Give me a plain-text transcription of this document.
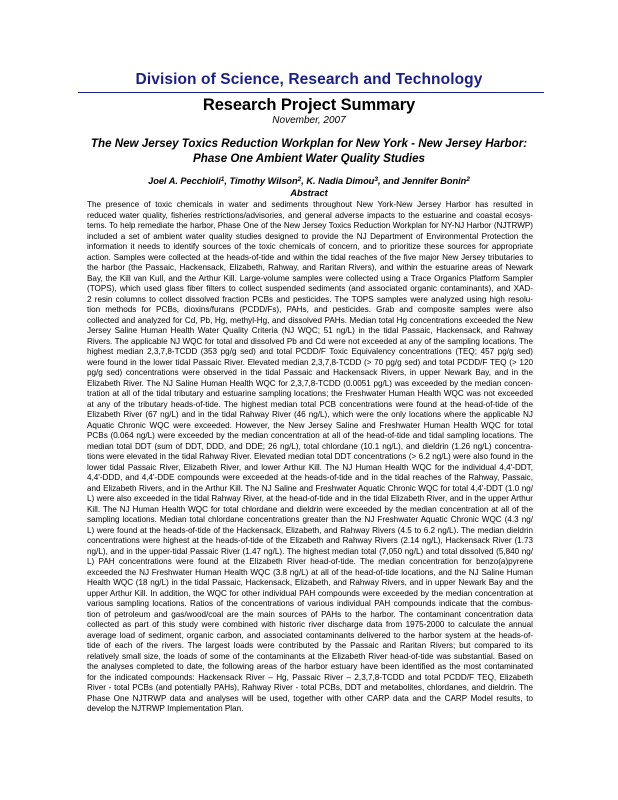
Division of Science, Research and Technology
Research Project Summary
November, 2007
The New Jersey Toxics Reduction Workplan for New York - New Jersey Harbor:
Phase One Ambient Water Quality Studies
Joel A. Pecchioli$^1$, Timothy Wilson$^2$, K. Nadia Dimou$^3$, and Jennifer Bonin$^2$
Abstract
The presence of toxic chemicals in water and sediments throughout New York-New Jersey Harbor has resulted in
reduced water quality, fisheries restrictions/advisories, and general adverse impacts to the estuarine and coastal ecosys-
tems. To help remediate the harbor, Phase One of the New Jersey Toxics Reduction Workplan for NY-NJ Harbor (NJTRWP)
included a set of ambient water quality studies designed to provide the NJ Department of Environmental Protection the
information it needs to identify sources of the toxic chemicals of concern, and to prioritize these sources for appropriate
action. Samples were collected at the heads-of-tide and within the tidal reaches of the five major New Jersey tributaries to
the harbor (the Passaic, Hackensack, Elizabeth, Rahway, and Raritan Rivers), and within the estuarine areas of Newark
Bay, the Kill van Kull, and the Arthur Kill. Large-volume samples were collected using a Trace Organics Platform Sampler
(TOPS), which used glass fiber filters to collect suspended sediments (and associated organic contaminants), and XAD-
2 resin columns to collect dissolved fraction PCBs and pesticides. The TOPS samples were analyzed using high resolu-
tion methods for PCBs, dioxins/furans (PCDD/Fs), PAHs, and pesticides. Grab and composite samples were also
collected and analyzed for Cd, Pb, Hg, methyl-Hg, and dissolved PAHs. Median total Hg concentrations exceeded the New
Jersey Saline Human Health Water Quality Criteria (NJ WQC; 51 ng/L) in the tidal Passaic, Hackensack, and Rahway
Rivers. The applicable NJ WQC for total and dissolved Pb and Cd were not exceeded at any of the sampling locations. The
highest median 2,3,7,8-TCDD (353 pg/g sed) and total PCDD/F Toxic Equivalency concentrations (TEQ; 457 pg/g sed)
were found in the lower tidal Passaic River. Elevated median 2,3,7,8-TCDD (> 70 pg/g sed) and total PCDD/F TEQ (> 120
pg/g sed) concentrations were observed in the tidal Passaic and Hackensack Rivers, in upper Newark Bay, and in the
Elizabeth River. The NJ Saline Human Health WQC for 2,3,7,8-TCDD (0.0051 pg/L) was exceeded by the median concen-
tration at all of the tidal tributary and estuarine sampling locations; the Freshwater Human Health WQC was not exceeded
at any of the tributary heads-of-tide. The highest median total PCB concentrations were found at the head-of-tide of the
Elizabeth River (67 ng/L) and in the tidal Rahway River (46 ng/L), which were the only locations where the applicable NJ
Aquatic Chronic WQC were exceeded. However, the New Jersey Saline and Freshwater Human Health WQC for total
PCBs (0.064 ng/L) were exceeded by the median concentration at all of the head-of-tide and tidal sampling locations. The
median total DDT (sum of DDT, DDD, and DDE; 26 ng/L), total chlordane (10.1 ng/L), and dieldrin (1.26 ng/L) concentra-
tions were elevated in the tidal Rahway River. Elevated median total DDT concentrations (> 6.2 ng/L) were also found in the
lower tidal Passaic River, Elizabeth River, and lower Arthur Kill. The NJ Human Health WQC for the individual 4,4'-DDT,
4,4'-DDD, and 4,4'-DDE compounds were exceeded at the heads-of-tide and in the tidal reaches of the Rahway, Passaic,
and Elizabeth Rivers, and in the Arthur Kill. The NJ Saline and Freshwater Aquatic Chronic WQC for total 4,4'-DDT (1.0 ng/
L) were also exceeded in the tidal Rahway River, at the head-of-tide and in the tidal Elizabeth River, and in the upper Arthur
Kill. The NJ Human Health WQC for total chlordane and dieldrin were exceeded by the median concentration at all of the
sampling locations. Median total chlordane concentrations greater than the NJ Freshwater Aquatic Chronic WQC (4.3 ng/
L) were found at the heads-of-tide of the Hackensack, Elizabeth, and Rahway Rivers (4.5 to 6.2 ng/L). The median dieldrin
concentrations were highest at the heads-of-tide of the Elizabeth and Rahway Rivers (2.14 ng/L), Hackensack River (1.73
ng/L), and in the upper-tidal Passaic River (1.47 ng/L). The highest median total (7,050 ng/L) and total dissolved (5,840 ng/
L) PAH concentrations were found at the Elizabeth River head-of-tide. The median concentration for benzo(a)pyrene
exceeded the NJ Freshwater Human Health WQC (3.8 ng/L) at all of the head-of-tide locations, and the NJ Saline Human
Health WQC (18 ng/L) in the tidal Passaic, Hackensack, Elizabeth, and Rahway Rivers, and in upper Newark Bay and the
upper Arthur Kill. In addition, the WQC for other individual PAH compounds were exceeded by the median concentration at
various sampling locations. Ratios of the concentrations of various individual PAH compounds indicate that the combus-
tion of petroleum and gas/wood/coal are the main sources of PAHs to the harbor. The contaminant concentration data
collected as part of this study were combined with historic river discharge data from 1975-2000 to calculate the annual
average load of sediment, organic carbon, and associated contaminants delivered to the harbor system at the heads-of-
tide of each of the rivers. The largest loads were contributed by the Passaic and Raritan Rivers; but compared to its
relatively small size, the loads of some of the contaminants at the Elizabeth River head-of-tide was substantial. Based on
the analyses completed to date, the following areas of the harbor estuary have been identified as the most contaminated
for the indicated compounds: Hackensack River – Hg, Passaic River – 2,3,7,8-TCDD and total PCDD/F TEQ, Elizabeth
River - total PCBs (and potentially PAHs), Rahway River - total PCBs, DDT and metabolites, chlordanes, and dieldrin. The
Phase One NJTRWP data and analyses will be used, together with other CARP data and the CARP Model results, to
develop the NJTRWP Implementation Plan.
